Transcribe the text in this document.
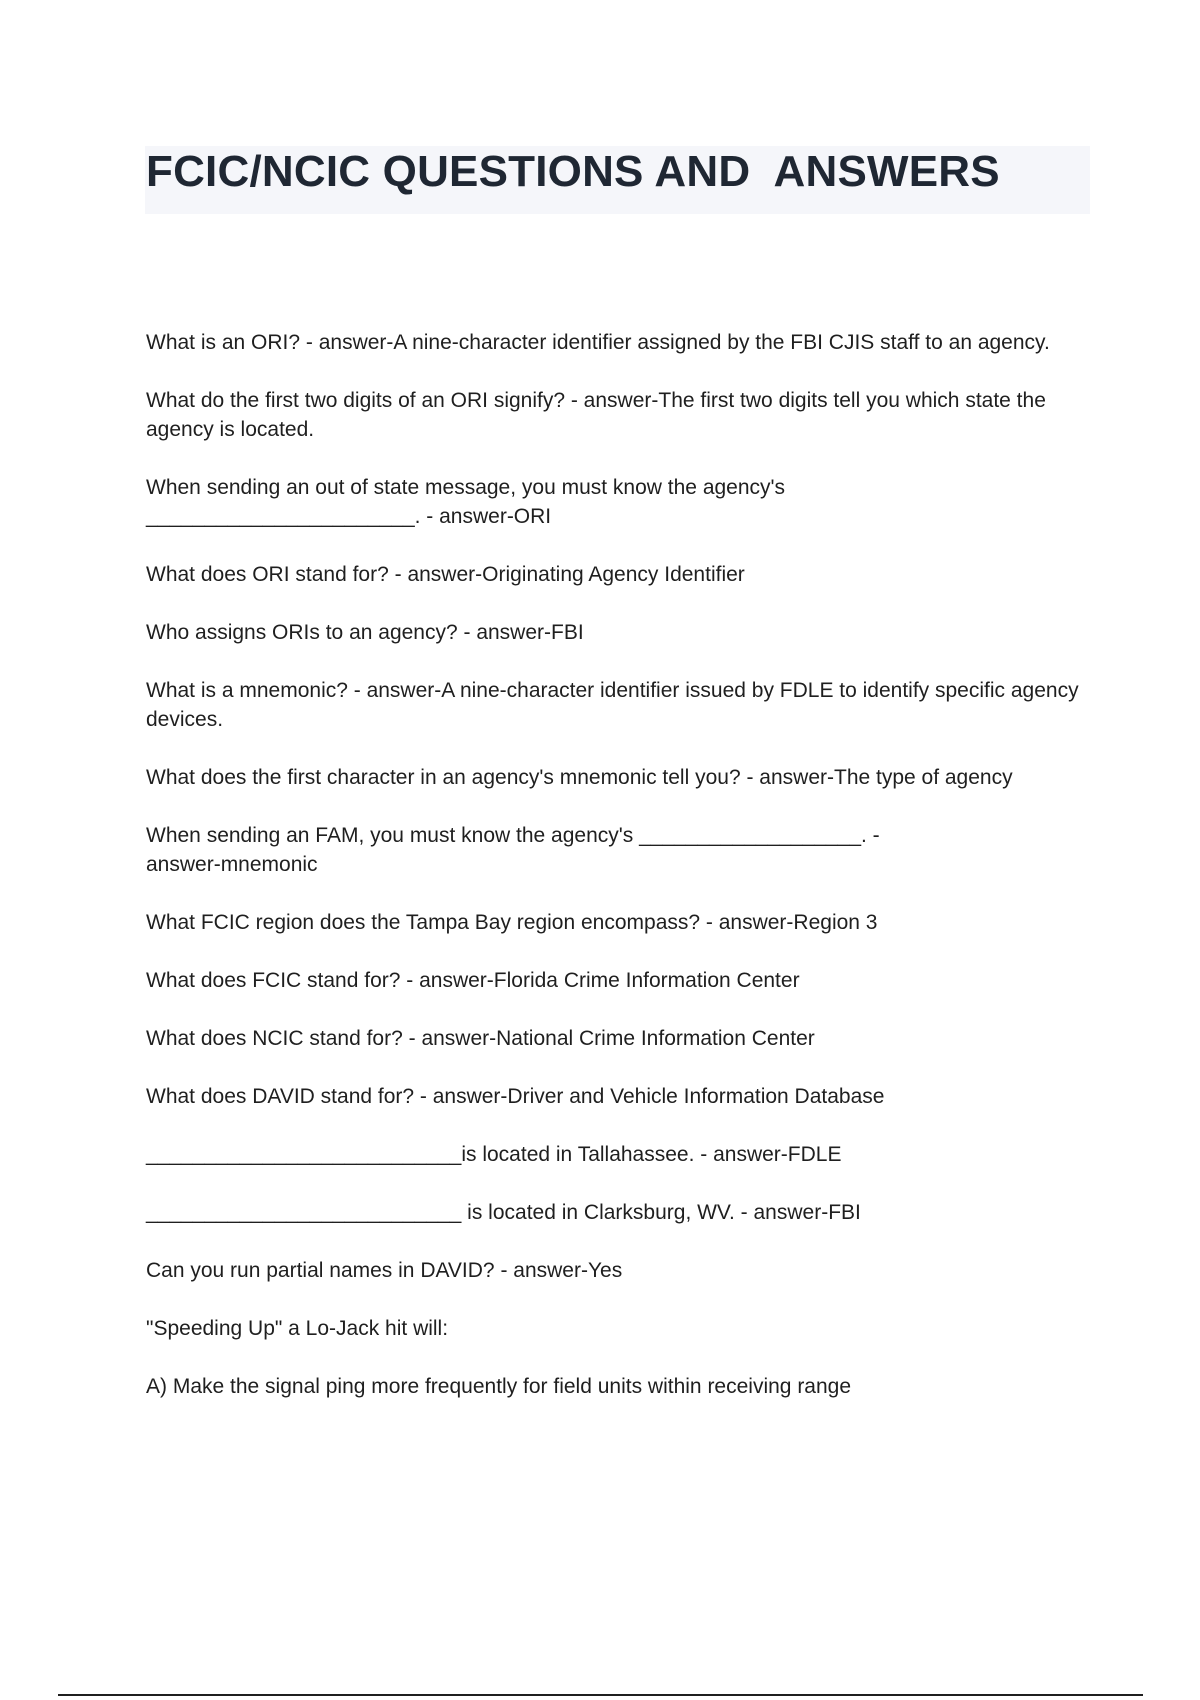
FCIC/NCIC QUESTIONS AND  ANSWERS

What is an ORI? - answer-A nine-character identifier assigned by the FBI CJIS staff to an agency.

What do the first two digits of an ORI signify? - answer-The first two digits tell you which state the agency is located.

When sending an out of state message, you must know the agency's
_______________________. - answer-ORI

What does ORI stand for? - answer-Originating Agency Identifier

Who assigns ORIs to an agency? - answer-FBI

What is a mnemonic? - answer-A nine-character identifier issued by FDLE to identify specific agency devices.

What does the first character in an agency's mnemonic tell you? - answer-The type of agency

When sending an FAM, you must know the agency's ___________________. -
answer-mnemonic

What FCIC region does the Tampa Bay region encompass? - answer-Region 3

What does FCIC stand for? - answer-Florida Crime Information Center

What does NCIC stand for? - answer-National Crime Information Center

What does DAVID stand for? - answer-Driver and Vehicle Information Database

___________________________is located in Tallahassee. - answer-FDLE

___________________________ is located in Clarksburg, WV. - answer-FBI

Can you run partial names in DAVID? - answer-Yes

"Speeding Up" a Lo-Jack hit will:

A) Make the signal ping more frequently for field units within receiving range
